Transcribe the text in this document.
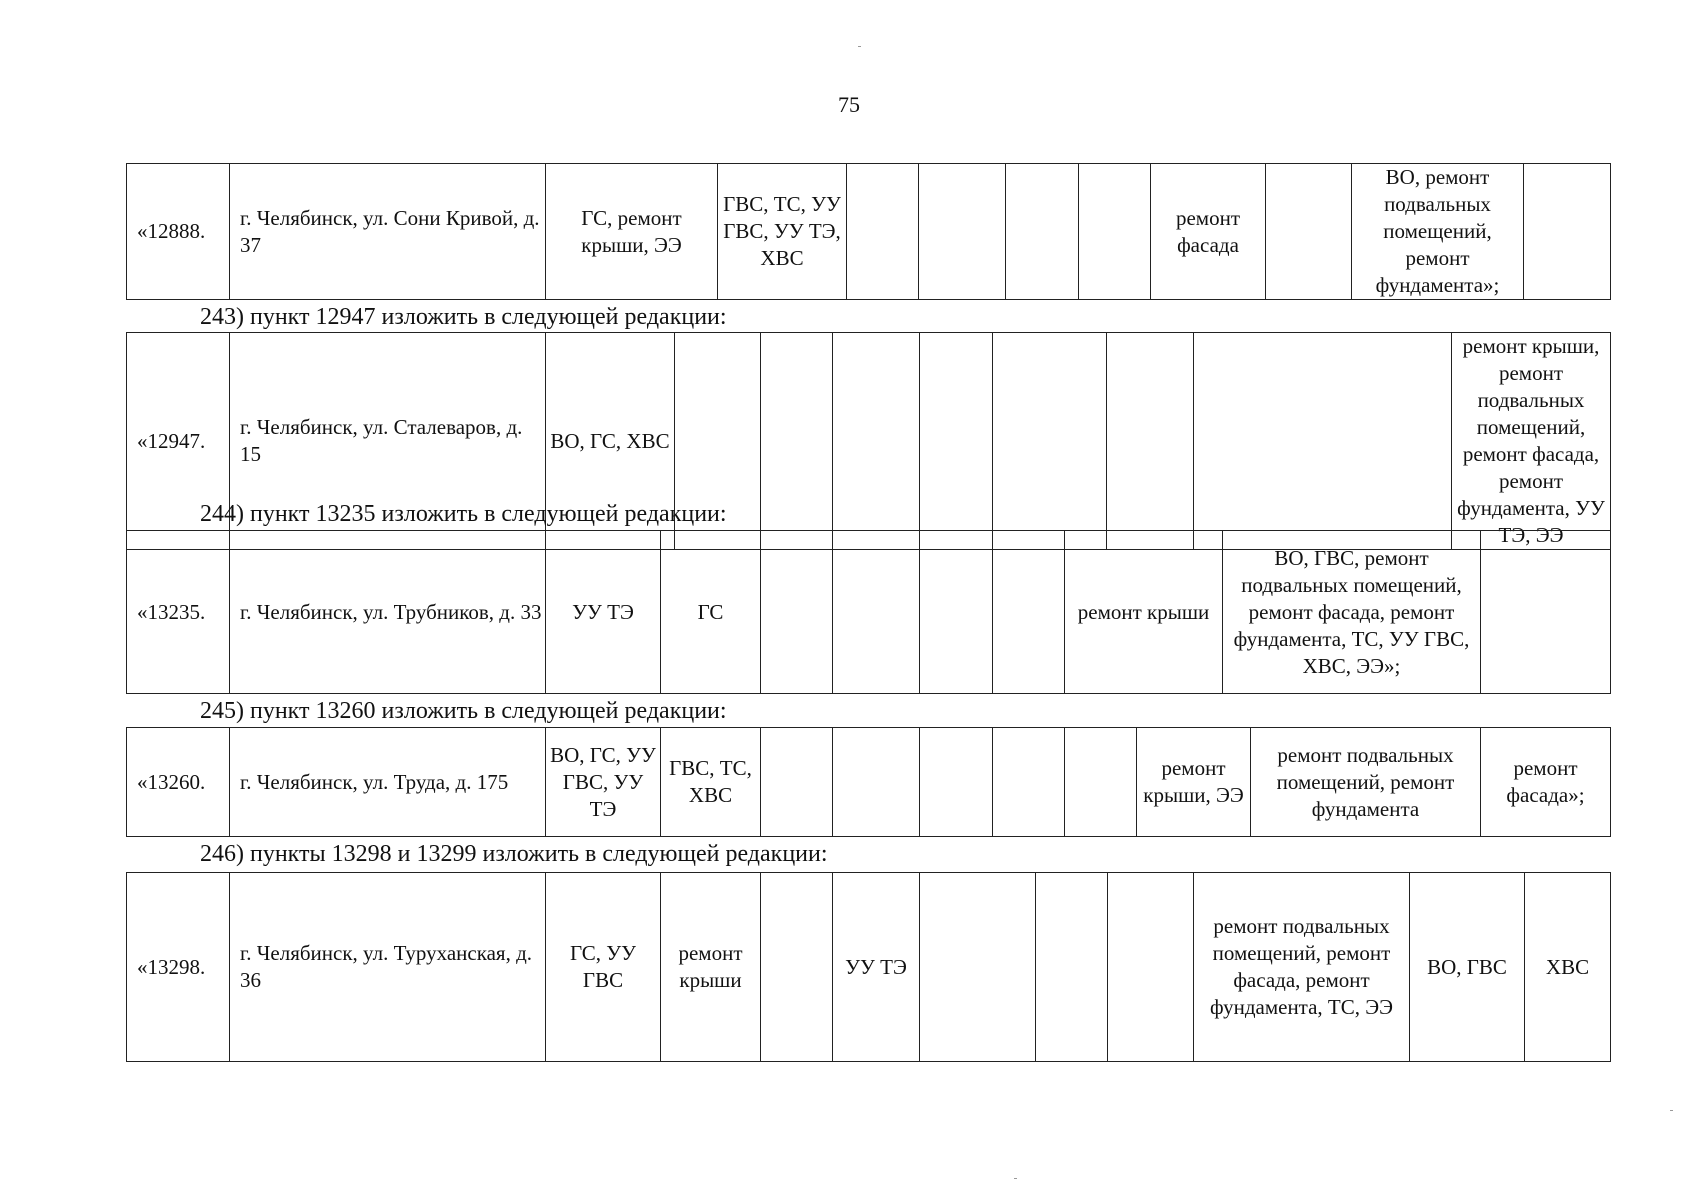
75
«12888.	г. Челябинск, ул. Сони Кривой, д. 37	ГС, ремонт крыши, ЭЭ	ГВС, ТС, УУ ГВС, УУ ТЭ, ХВС					ремонт фасада		ВО, ремонт подвальных помещений, ремонт фундамента»;	
243) пункт 12947 изложить в следующей редакции:
«12947.	г. Челябинск, ул. Сталеваров, д. 15	ВО, ГС, ХВС								ремонт крыши, ремонт подвальных помещений, ремонт фасада, ремонт фундамента, УУ ТЭ, ЭЭ
244) пункт 13235 изложить в следующей редакции:
«13235.	г. Челябинск, ул. Трубников, д. 33	УУ ТЭ	ГС					ремонт крыши	ВО, ГВС, ремонт подвальных помещений, ремонт фасада, ремонт фундамента, ТС, УУ ГВС, ХВС, ЭЭ»;	
245) пункт 13260 изложить в следующей редакции:
«13260.	г. Челябинск, ул. Труда, д. 175	ВО, ГС, УУ ГВС, УУ ТЭ	ГВС, ТС, ХВС						ремонт крыши, ЭЭ	ремонт подвальных помещений, ремонт фундамента	ремонт фасада»;
246) пункты 13298 и 13299 изложить в следующей редакции:
«13298.	г. Челябинск, ул. Туруханская, д. 36	ГС, УУ ГВС	ремонт крыши		УУ ТЭ				ремонт подвальных помещений, ремонт фасада, ремонт фундамента, ТС, ЭЭ	ВО, ГВС	ХВС
